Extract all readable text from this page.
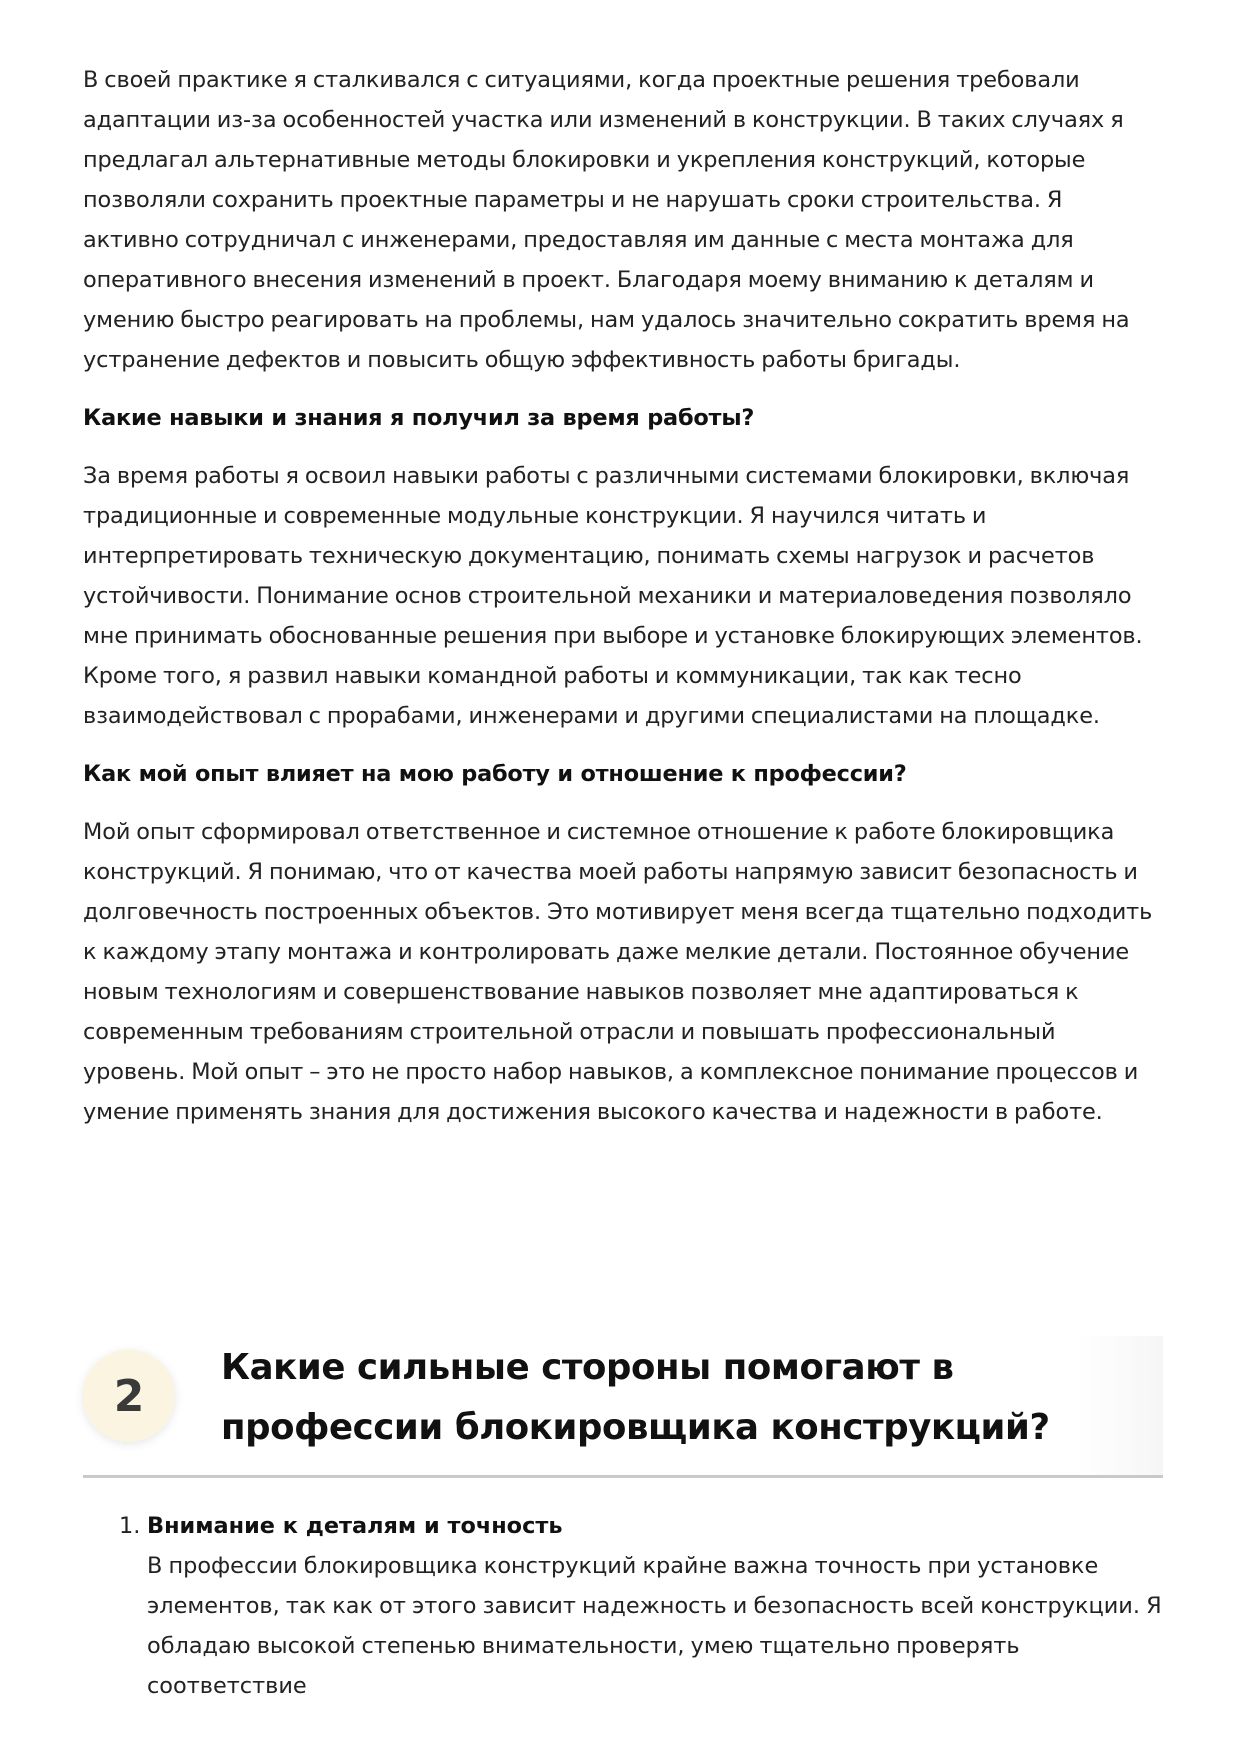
В своей практике я сталкивался с ситуациями, когда проектные решения требовали адаптации из-за особенностей участка или изменений в конструкции. В таких случаях я предлагал альтернативные методы блокировки и укрепления конструкций, которые позволяли сохранить проектные параметры и не нарушать сроки строительства. Я активно сотрудничал с инженерами, предоставляя им данные с места монтажа для оперативного внесения изменений в проект. Благодаря моему вниманию к деталям и умению быстро реагировать на проблемы, нам удалось значительно сократить время на устранение дефектов и повысить общую эффективность работы бригады.

Какие навыки и знания я получил за время работы?

За время работы я освоил навыки работы с различными системами блокировки, включая традиционные и современные модульные конструкции. Я научился читать и интерпретировать техническую документацию, понимать схемы нагрузок и расчетов устойчивости. Понимание основ строительной механики и материаловедения позволяло мне принимать обоснованные решения при выборе и установке блокирующих элементов. Кроме того, я развил навыки командной работы и коммуникации, так как тесно взаимодействовал с прорабами, инженерами и другими специалистами на площадке.

Как мой опыт влияет на мою работу и отношение к профессии?

Мой опыт сформировал ответственное и системное отношение к работе блокировщика конструкций. Я понимаю, что от качества моей работы напрямую зависит безопасность и долговечность построенных объектов. Это мотивирует меня всегда тщательно подходить к каждому этапу монтажа и контролировать даже мелкие детали. Постоянное обучение новым технологиям и совершенствование навыков позволяет мне адаптироваться к современным требованиям строительной отрасли и повышать профессиональный уровень. Мой опыт – это не просто набор навыков, а комплексное понимание процессов и умение применять знания для достижения высокого качества и надежности в работе.

2
Какие сильные стороны помогают в профессии блокировщика конструкций?
1. Внимание к деталям и точность
В профессии блокировщика конструкций крайне важна точность при установке элементов, так как от этого зависит надежность и безопасность всей конструкции. Я обладаю высокой степенью внимательности, умею тщательно проверять соответствие
